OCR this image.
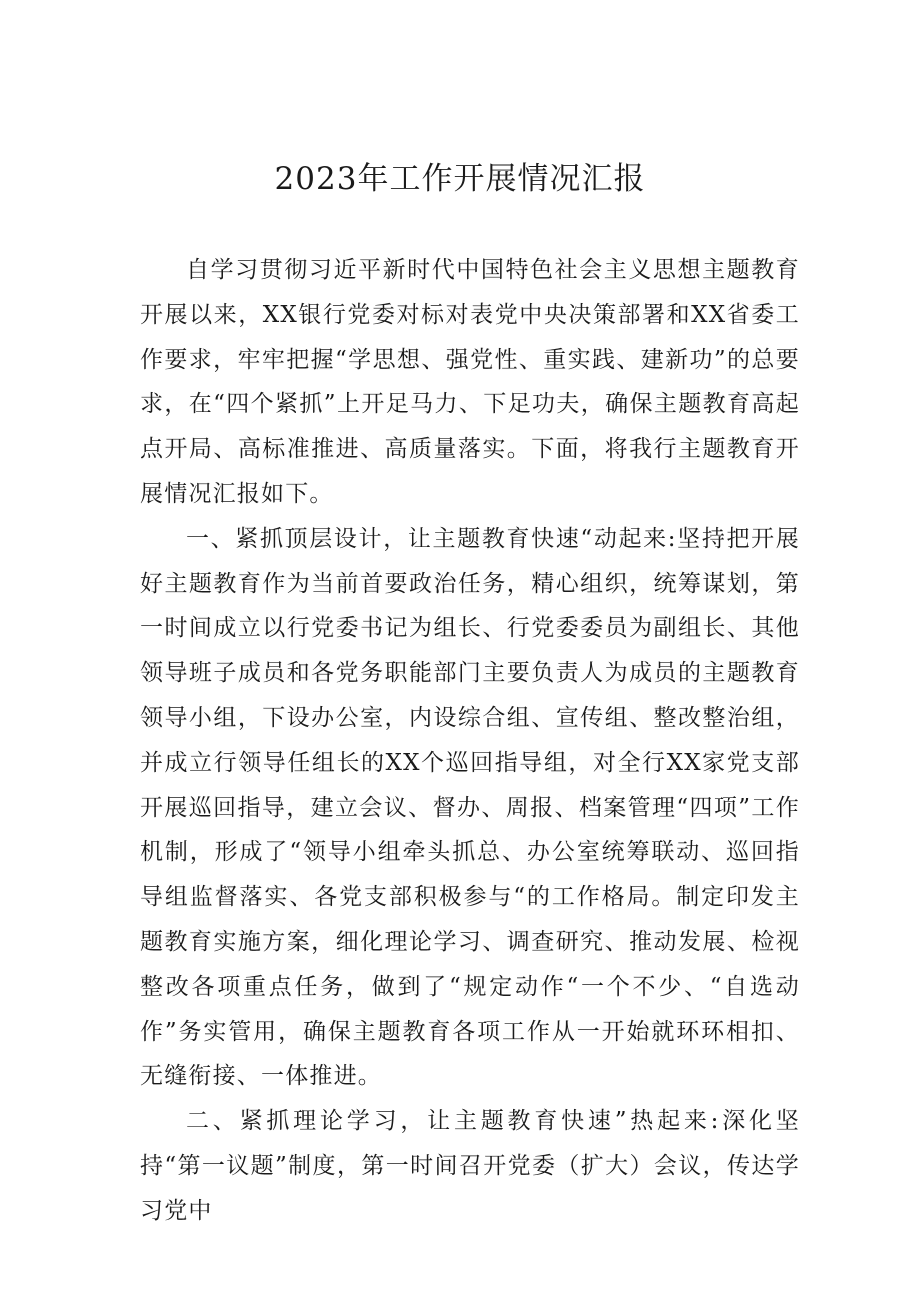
2023年工作开展情况汇报

自学习贯彻习近平新时代中国特色社会主义思想主题教育开展以来，XX银行党委对标对表党中央决策部署和XX省委工作要求，牢牢把握“学思想、强党性、重实践、建新功”的总要求，在“四个紧抓”上开足马力、下足功夫，确保主题教育高起点开局、高标准推进、高质量落实。下面，将我行主题教育开展情况汇报如下。

一、紧抓顶层设计，让主题教育快速“动起来:坚持把开展好主题教育作为当前首要政治任务，精心组织，统筹谋划，第一时间成立以行党委书记为组长、行党委委员为副组长、其他领导班子成员和各党务职能部门主要负责人为成员的主题教育领导小组，下设办公室，内设综合组、宣传组、整改整治组，并成立行领导任组长的XX个巡回指导组，对全行XX家党支部开展巡回指导，建立会议、督办、周报、档案管理“四项”工作机制，形成了“领导小组牵头抓总、办公室统筹联动、巡回指导组监督落实、各党支部积极参与“的工作格局。制定印发主题教育实施方案，细化理论学习、调查研究、推动发展、检视整改各项重点任务，做到了“规定动作“一个不少、“自选动作”务实管用，确保主题教育各项工作从一开始就环环相扣、无缝衔接、一体推进。

二、紧抓理论学习，让主题教育快速”热起来:深化坚持“第一议题”制度，第一时间召开党委（扩大）会议，传达学习党中
